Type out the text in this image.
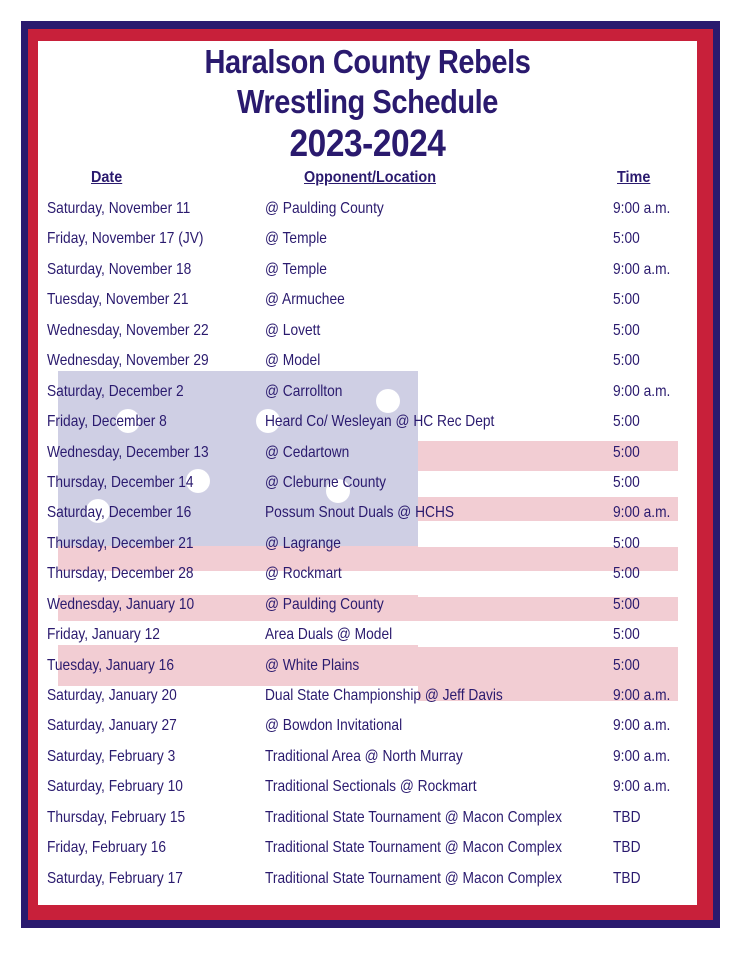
Haralson County Rebels
Wrestling Schedule
2023-2024
Date	Opponent/Location	Time
Saturday, November 11	@ Paulding County	9:00 a.m.
Friday, November 17 (JV)	@ Temple	5:00
Saturday, November 18	@ Temple	9:00 a.m.
Tuesday, November 21	@ Armuchee	5:00
Wednesday, November 22	@ Lovett	5:00
Wednesday, November 29	@ Model	5:00
Saturday, December 2	@ Carrollton	9:00 a.m.
Friday, December 8	Heard Co/ Wesleyan @ HC Rec Dept	5:00
Wednesday, December 13	@ Cedartown	5:00
Thursday, December 14	@ Cleburne County	5:00
Saturday, December 16	Possum Snout Duals @ HCHS	9:00 a.m.
Thursday, December 21	@ Lagrange	5:00
Thursday, December 28	@ Rockmart	5:00
Wednesday, January 10	@ Paulding County	5:00
Friday, January 12	Area Duals @ Model	5:00
Tuesday, January 16	@ White Plains	5:00
Saturday, January 20	Dual State Championship @ Jeff Davis	9:00 a.m.
Saturday, January 27	@ Bowdon Invitational	9:00 a.m.
Saturday, February 3	Traditional Area @ North Murray	9:00 a.m.
Saturday, February 10	Traditional Sectionals @ Rockmart	9:00 a.m.
Thursday, February 15	Traditional State Tournament @ Macon Complex	TBD
Friday, February 16	Traditional State Tournament @ Macon Complex	TBD
Saturday, February 17	Traditional State Tournament @ Macon Complex	TBD
